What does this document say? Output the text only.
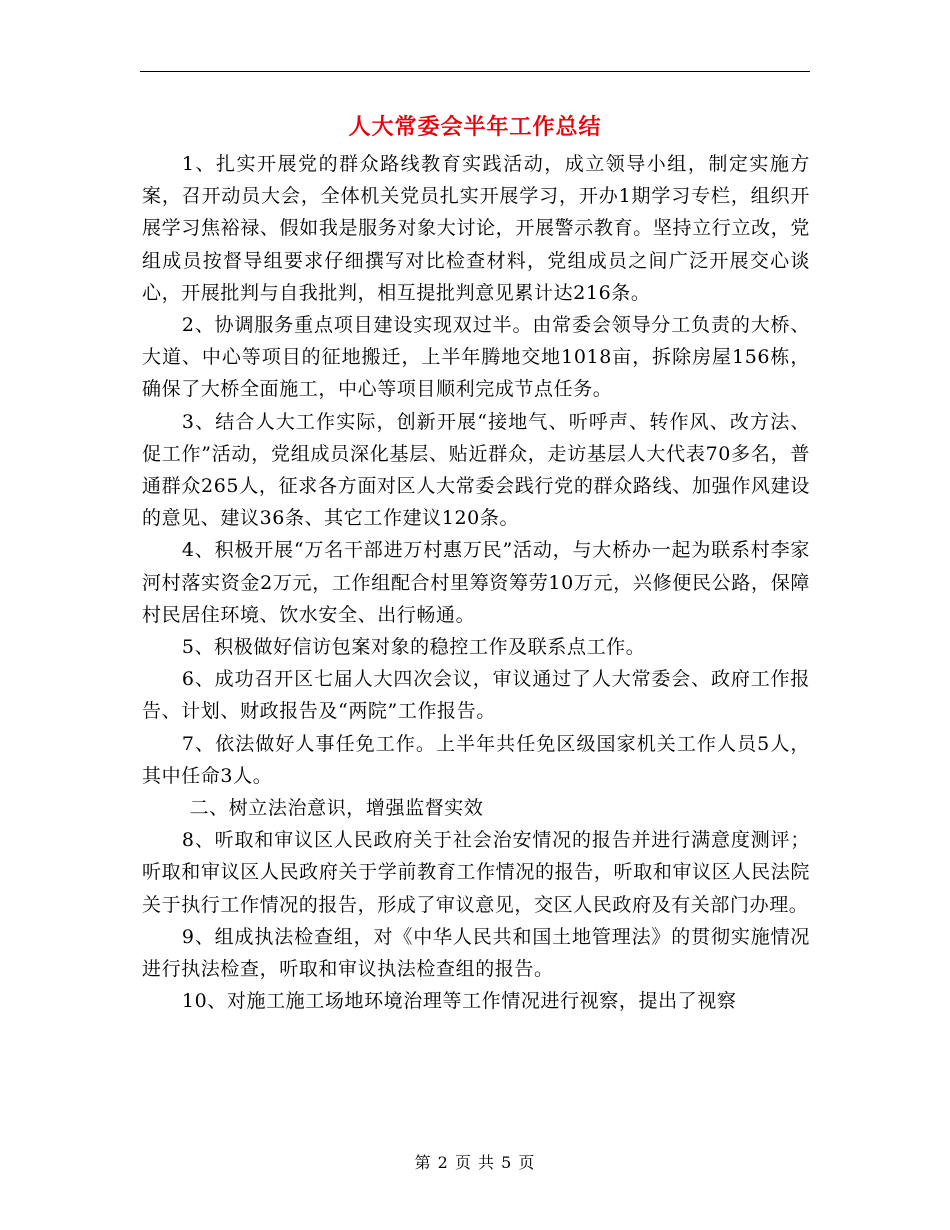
人大常委会半年工作总结

1、扎实开展党的群众路线教育实践活动，成立领导小组，制定实施方案，召开动员大会，全体机关党员扎实开展学习，开办1期学习专栏，组织开展学习焦裕禄、假如我是服务对象大讨论，开展警示教育。坚持立行立改，党组成员按督导组要求仔细撰写对比检查材料，党组成员之间广泛开展交心谈心，开展批判与自我批判，相互提批判意见累计达216条。

2、协调服务重点项目建设实现双过半。由常委会领导分工负责的大桥、大道、中心等项目的征地搬迁，上半年腾地交地1018亩，拆除房屋156栋，确保了大桥全面施工，中心等项目顺利完成节点任务。

3、结合人大工作实际，创新开展“接地气、听呼声、转作风、改方法、促工作”活动，党组成员深化基层、贴近群众，走访基层人大代表70多名，普通群众265人，征求各方面对区人大常委会践行党的群众路线、加强作风建设的意见、建议36条、其它工作建议120条。

4、积极开展“万名干部进万村惠万民”活动，与大桥办一起为联系村李家河村落实资金2万元，工作组配合村里筹资筹劳10万元，兴修便民公路，保障村民居住环境、饮水安全、出行畅通。

5、积极做好信访包案对象的稳控工作及联系点工作。

6、成功召开区七届人大四次会议，审议通过了人大常委会、政府工作报告、计划、财政报告及“两院”工作报告。

7、依法做好人事任免工作。上半年共任免区级国家机关工作人员5人，其中任命3人。

二、树立法治意识，增强监督实效

8、听取和审议区人民政府关于社会治安情况的报告并进行满意度测评；听取和审议区人民政府关于学前教育工作情况的报告，听取和审议区人民法院关于执行工作情况的报告，形成了审议意见，交区人民政府及有关部门办理。

9、组成执法检查组，对《中华人民共和国土地管理法》的贯彻实施情况进行执法检查，听取和审议执法检查组的报告。

10、对施工施工场地环境治理等工作情况进行视察，提出了视察

第 2 页 共 5 页
